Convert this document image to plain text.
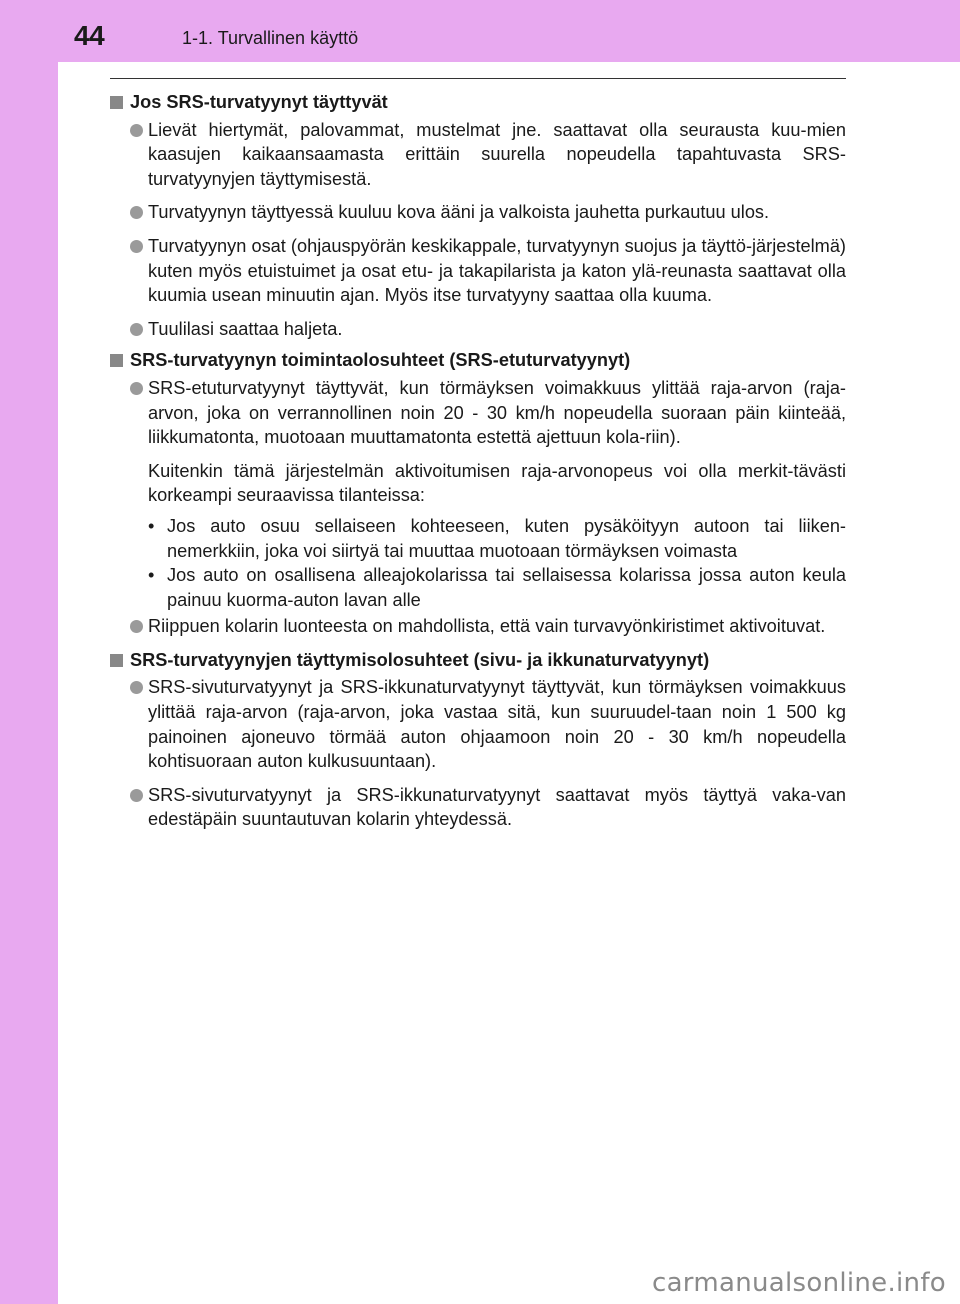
44	1-1. Turvallinen käyttö
Jos SRS-turvatyynyt täyttyvät
Lievät hiertymät, palovammat, mustelmat jne. saattavat olla seurausta kuu-mien kaasujen kaikaansaamasta erittäin suurella nopeudella tapahtuvasta SRS-turvatyynyjen täyttymisestä.
Turvatyynyn täyttyessä kuuluu kova ääni ja valkoista jauhetta purkautuu ulos.
Turvatyynyn osat (ohjauspyörän keskikappale, turvatyynyn suojus ja täyttö-järjestelmä) kuten myös etuistuimet ja osat etu- ja takapilarista ja katon ylä-reunasta saattavat olla kuumia usean minuutin ajan. Myös itse turvatyyny saattaa olla kuuma.
Tuulilasi saattaa haljeta.
SRS-turvatyynyn toimintaolosuhteet (SRS-etuturvatyynyt)
SRS-etuturvatyynyt täyttyvät, kun törmäyksen voimakkuus ylittää raja-arvon (raja-arvon, joka on verrannollinen noin 20 - 30 km/h nopeudella suoraan päin kiinteää, liikkumatonta, muotoaan muuttamatonta estettä ajettuun kola-riin).
Kuitenkin tämä järjestelmän aktivoitumisen raja-arvonopeus voi olla merkit-tävästi korkeampi seuraavissa tilanteissa:
• Jos auto osuu sellaiseen kohteeseen, kuten pysäköityyn autoon tai liiken-nemerkkiin, joka voi siirtyä tai muuttaa muotoaan törmäyksen voimasta
• Jos auto on osallisena alleajokolarissa tai sellaisessa kolarissa jossa auton keula painuu kuorma-auton lavan alle
Riippuen kolarin luonteesta on mahdollista, että vain turvavyönkiristimet aktivoituvat.
SRS-turvatyynyjen täyttymisolosuhteet (sivu- ja ikkunaturvatyynyt)
SRS-sivuturvatyynyt ja SRS-ikkunaturvatyynyt täyttyvät, kun törmäyksen voimakkuus ylittää raja-arvon (raja-arvon, joka vastaa sitä, kun suuruudel-taan noin 1 500 kg painoinen ajoneuvo törmää auton ohjaamoon noin 20 - 30 km/h nopeudella kohtisuoraan auton kulkusuuntaan).
SRS-sivuturvatyynyt ja SRS-ikkunaturvatyynyt saattavat myös täyttyä vaka-van edestäpäin suuntautuvan kolarin yhteydessä.
carmanualsonline.info
